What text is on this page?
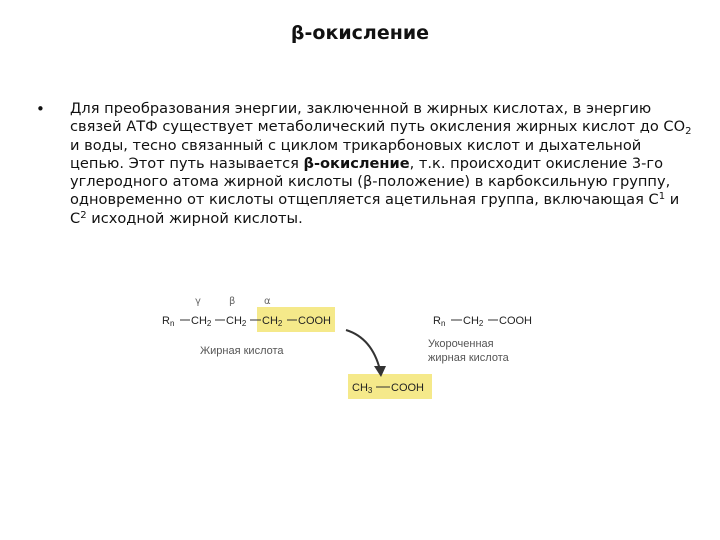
β-окисление
• Для преобразования энергии, заключенной в жирных кислотах, в энергию связей АТФ существует метаболический путь окисления жирных кислот до $CO_2$ и воды, тесно связанный с циклом трикарбоновых кислот и дыхательной цепью. Этот путь называется β-окисление, т.к. происходит окисление 3-го углеродного атома жирной кислоты (β-положение) в карбоксильную группу, одновременно от кислоты отщепляется ацетильная группа, включающая $С^1$ и $С^2$ исходной жирной кислоты.
γ	β	α
Rn CH2 CH2 CH2 COOH
Жирная кислота
CH3 COOH
Rn CH2 COOH
Укороченная
жирная кислота
